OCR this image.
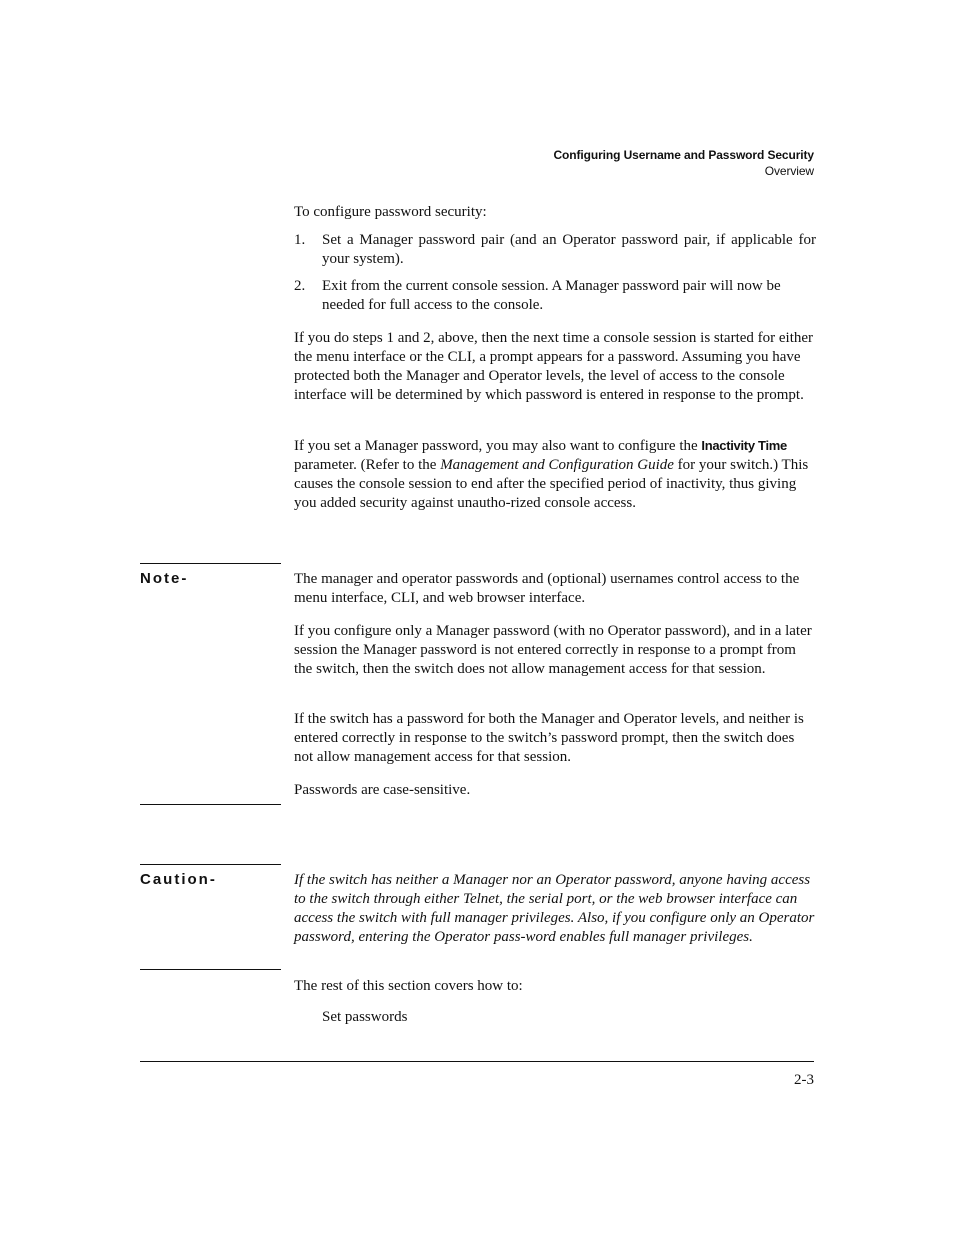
Configuring Username and Password Security
Overview

To configure password security:

1. Set a Manager password pair (and an Operator password pair, if applicable for your system).

2. Exit from the current console session. A Manager password pair will now be needed for full access to the console.

If you do steps 1 and 2, above, then the next time a console session is started for either the menu interface or the CLI, a prompt appears for a password. Assuming you have protected both the Manager and Operator levels, the level of access to the console interface will be determined by which password is entered in response to the prompt.

If you set a Manager password, you may also want to configure the Inactivity Time parameter. (Refer to the Management and Configuration Guide for your switch.) This causes the console session to end after the specified period of inactivity, thus giving you added security against unautho-rized console access.

Note-	The manager and operator passwords and (optional) usernames control access to the menu interface, CLI, and web browser interface.

If you configure only a Manager password (with no Operator password), and in a later session the Manager password is not entered correctly in response to a prompt from the switch, then the switch does not allow management access for that session.

If the switch has a password for both the Manager and Operator levels, and neither is entered correctly in response to the switch’s password prompt, then the switch does not allow management access for that session.

Passwords are case-sensitive.

Caution-	If the switch has neither a Manager nor an Operator password, anyone having access to the switch through either Telnet, the serial port, or the web browser interface can access the switch with full manager privileges. Also, if you configure only an Operator password, entering the Operator pass-word enables full manager privileges.

The rest of this section covers how to:

Set passwords

2-3
